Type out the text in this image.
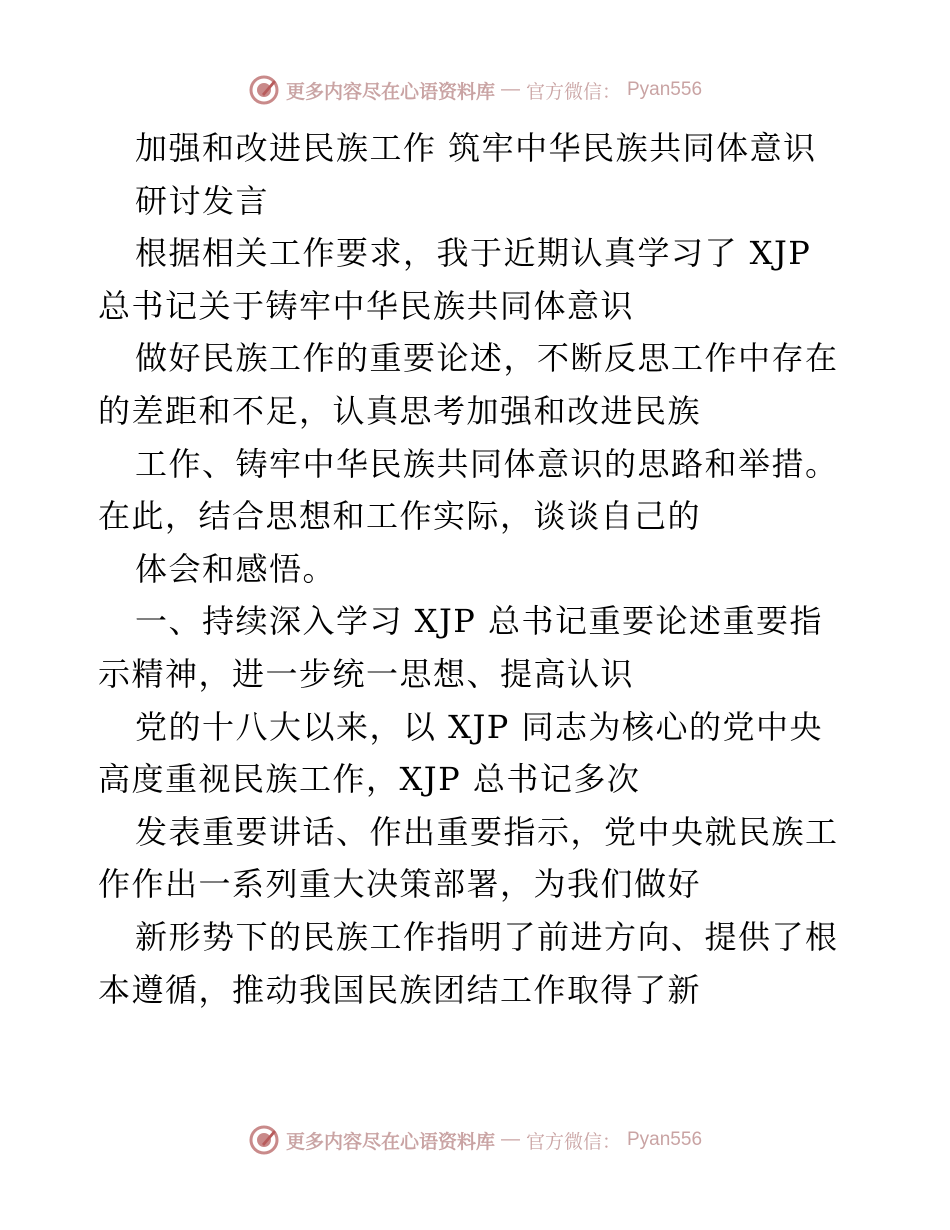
更多内容尽在心语资料库 — 官方微信： Pyan556
加强和改进民族工作 筑牢中华民族共同体意识
研讨发言
根据相关工作要求，我于近期认真学习了 XJP
总书记关于铸牢中华民族共同体意识
做好民族工作的重要论述，不断反思工作中存在
的差距和不足，认真思考加强和改进民族
工作、铸牢中华民族共同体意识的思路和举措。
在此，结合思想和工作实际，谈谈自己的
体会和感悟。
一、持续深入学习 XJP 总书记重要论述重要指
示精神，进一步统一思想、提高认识
党的十八大以来，以 XJP 同志为核心的党中央
高度重视民族工作，XJP 总书记多次
发表重要讲话、作出重要指示，党中央就民族工
作作出一系列重大决策部署，为我们做好
新形势下的民族工作指明了前进方向、提供了根
本遵循，推动我国民族团结工作取得了新
更多内容尽在心语资料库 — 官方微信： Pyan556
